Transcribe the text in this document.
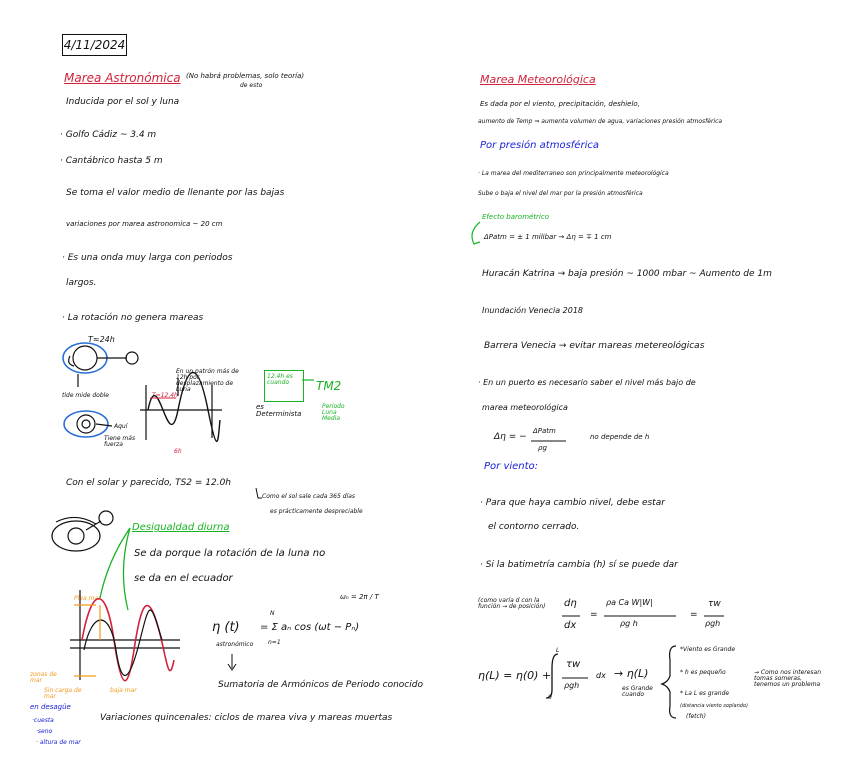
4/11/2024
Marea Astronómica (No habrá problemas, solo teoría)
de esto
Inducida por el sol y luna
· Golfo Cádiz ~ 3.4 m
· Cantábrico hasta 5 m
Se toma el valor medio de llenante por las bajas
variaciones por marea astronomica ~ 20 cm
· Es una onda muy larga con periodos
largos.
· La rotación no genera mareas
T≈24h
tide mide doble
Aquí
Tiene más fuerza
En un patrón más de 12h por desplazamiento de Luna
T≈12.4h
6h
12.4h es cuando
es Determinista
TM2
Período Luna Media
Con el solar y parecido, TS2 = 12.0h
Como el sol sale cada 365 días
es prácticamente despreciable
Desigualdad diurna
Se da porque la rotación de la luna no
se da en el ecuador
Plea mar
baja mar
zonas de mar
Sin carga de mar
en desagüe
·cuesta
·seno
· altura de mar
η (t)
astronómico
= Σ aₙ cos (ωt − Pₙ)
N
n=1
ωₙ = 2π / T
Sumatoria de Armónicos de Periodo conocido
Variaciones quincenales: ciclos de marea viva y mareas muertas
Marea Meteorológica
Es dada por el viento, precipitación, deshielo,
aumento de Temp ⇒ aumenta volumen de agua, variaciones presión atmosférica
Por presión atmosférica
· La marea del mediterraneo son principalmente meteorológica
Sube o baja el nivel del mar por la presión atmosférica
Efecto barométrico
ΔPatm = ± 1 milibar → Δη = ∓ 1 cm
Huracán Katrina → baja presión ~ 1000 mbar ~ Aumento de 1m
Inundación Venecia 2018
Barrera Venecia → evitar mareas metereológicas
· En un puerto es necesario saber el nivel más bajo de
marea meteorológica
Δη = −
ΔPatm
ρg
no depende de h
Por viento:
· Para que haya cambio nivel, debe estar
el contorno cerrado.
· Si la batimetría cambia (h) sí se puede dar
(como varía d con la función → de posición) dη
dx
=
ρa Ca W|W|
ρg h
=
τw
ρgh
η(L) = η(0) +
L
0
τw
ρgh
dx → η(L)
es Grande cuando
*Viento es Grande
* h es pequeño
* La L es grande
(distancia viento soplando)
(fetch)
→ Como nos interesan tomas someras, tenemos un problema
